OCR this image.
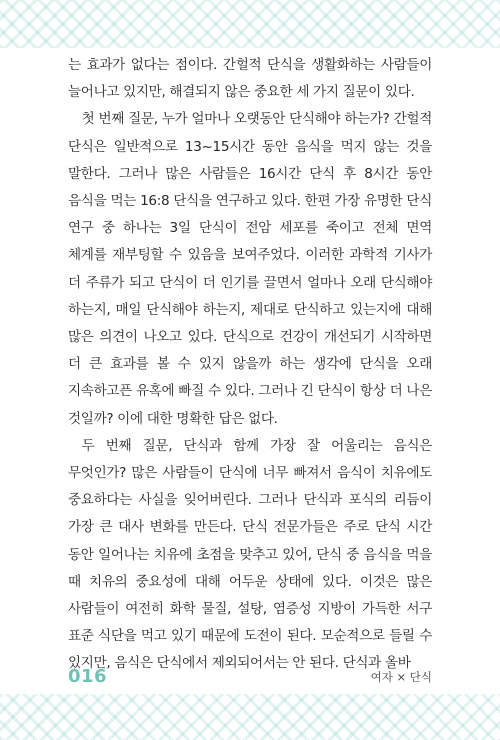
는 효과가 없다는 점이다. 간헐적 단식을 생활화하는 사람들이 늘어나고 있지만, 해결되지 않은 중요한 세 가지 질문이 있다.

첫 번째 질문, 누가 얼마나 오랫동안 단식해야 하는가? 간헐적 단식은 일반적으로 13~15시간 동안 음식을 먹지 않는 것을 말한다. 그러나 많은 사람들은 16시간 단식 후 8시간 동안 음식을 먹는 16:8 단식을 연구하고 있다. 한편 가장 유명한 단식 연구 중 하나는 3일 단식이 전암 세포를 죽이고 전체 면역 체계를 재부팅할 수 있음을 보여주었다. 이러한 과학적 기사가 더 주류가 되고 단식이 더 인기를 끌면서 얼마나 오래 단식해야 하는지, 매일 단식해야 하는지, 제대로 단식하고 있는지에 대해 많은 의견이 나오고 있다. 단식으로 건강이 개선되기 시작하면 더 큰 효과를 볼 수 있지 않을까 하는 생각에 단식을 오래 지속하고픈 유혹에 빠질 수 있다. 그러나 긴 단식이 항상 더 나은 것일까? 이에 대한 명확한 답은 없다.

두 번째 질문, 단식과 함께 가장 잘 어울리는 음식은 무엇인가? 많은 사람들이 단식에 너무 빠져서 음식이 치유에도 중요하다는 사실을 잊어버린다. 그러나 단식과 포식의 리듬이 가장 큰 대사 변화를 만든다. 단식 전문가들은 주로 단식 시간 동안 일어나는 치유에 초점을 맞추고 있어, 단식 중 음식을 먹을 때 치유의 중요성에 대해 어두운 상태에 있다. 이것은 많은 사람들이 여전히 화학 물질, 설탕, 염증성 지방이 가득한 서구 표준 식단을 먹고 있기 때문에 도전이 된다. 모순적으로 들릴 수 있지만, 음식은 단식에서 제외되어서는 안 된다. 단식과 올바

016	여자 × 단식
